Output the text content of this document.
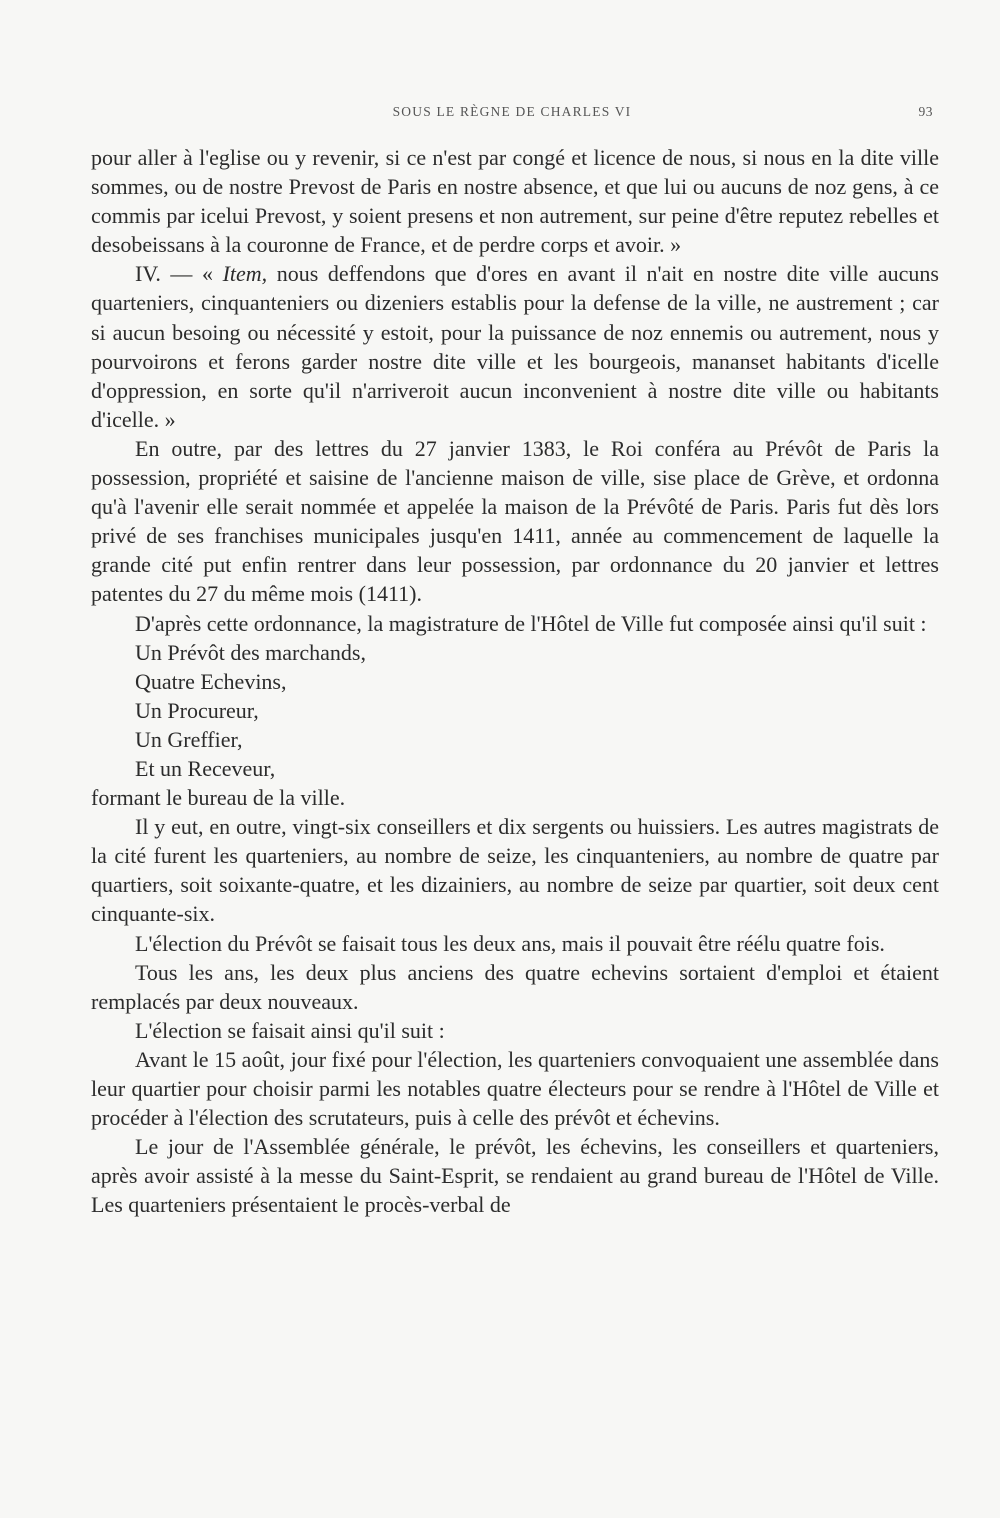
SOUS LE RÈGNE DE CHARLES VI	93

pour aller à l'eglise ou y revenir, si ce n'est par congé et licence de nous, si nous en la dite ville sommes, ou de nostre Prevost de Paris en nostre absence, et que lui ou aucuns de noz gens, à ce commis par icelui Prevost, y soient presens et non autrement, sur peine d'être reputez rebelles et desobeissans à la couronne de France, et de perdre corps et avoir. »

IV. — « Item, nous deffendons que d'ores en avant il n'ait en nostre dite ville aucuns quarteniers, cinquanteniers ou dizeniers establis pour la defense de la ville, ne austrement ; car si aucun besoing ou nécessité y estoit, pour la puissance de noz ennemis ou autrement, nous y pourvoirons et ferons garder nostre dite ville et les bourgeois, mananset habitants d'icelle d'oppression, en sorte qu'il n'arriveroit aucun inconvenient à nostre dite ville ou habitants d'icelle. »

En outre, par des lettres du 27 janvier 1383, le Roi conféra au Prévôt de Paris la possession, propriété et saisine de l'ancienne maison de ville, sise place de Grève, et ordonna qu'à l'avenir elle serait nommée et appelée la maison de la Prévôté de Paris. Paris fut dès lors privé de ses franchises municipales jusqu'en 1411, année au commencement de laquelle la grande cité put enfin rentrer dans leur possession, par ordonnance du 20 janvier et lettres patentes du 27 du même mois (1411).

D'après cette ordonnance, la magistrature de l'Hôtel de Ville fut composée ainsi qu'il suit :

Un Prévôt des marchands,

Quatre Echevins,

Un Procureur,

Un Greffier,

Et un Receveur,

formant le bureau de la ville.

Il y eut, en outre, vingt-six conseillers et dix sergents ou huissiers. Les autres magistrats de la cité furent les quarteniers, au nombre de seize, les cinquanteniers, au nombre de quatre par quartiers, soit soixante-quatre, et les dizainiers, au nombre de seize par quartier, soit deux cent cinquante-six.

L'élection du Prévôt se faisait tous les deux ans, mais il pouvait être réélu quatre fois.

Tous les ans, les deux plus anciens des quatre echevins sortaient d'emploi et étaient remplacés par deux nouveaux.

L'élection se faisait ainsi qu'il suit :

Avant le 15 août, jour fixé pour l'élection, les quarteniers convoquaient une assemblée dans leur quartier pour choisir parmi les notables quatre électeurs pour se rendre à l'Hôtel de Ville et procéder à l'élection des scrutateurs, puis à celle des prévôt et échevins.

Le jour de l'Assemblée générale, le prévôt, les échevins, les conseillers et quarteniers, après avoir assisté à la messe du Saint-Esprit, se rendaient au grand bureau de l'Hôtel de Ville. Les quarteniers présentaient le procès-verbal de
